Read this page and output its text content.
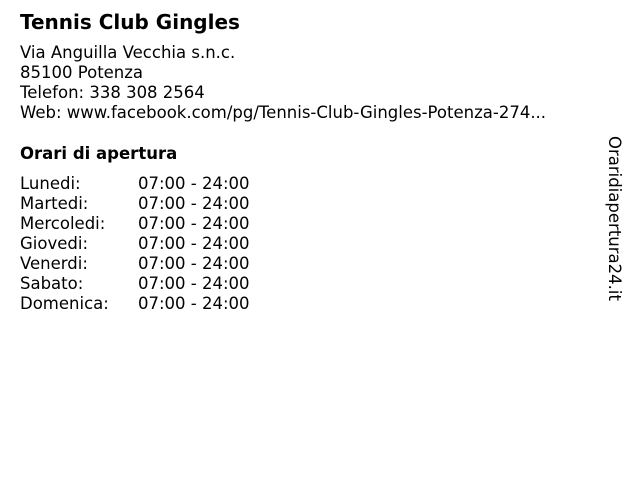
Tennis Club Gingles
Via Anguilla Vecchia s.n.c.
85100 Potenza
Telefon: 338 308 2564
Web: www.facebook.com/pg/Tennis-Club-Gingles-Potenza-274...
Orari di apertura
Lunedi:	07:00 - 24:00
Martedi:	07:00 - 24:00
Mercoledi:	07:00 - 24:00
Giovedi:	07:00 - 24:00
Venerdi:	07:00 - 24:00
Sabato:	07:00 - 24:00
Domenica:	07:00 - 24:00
Oraridiapertura24.it
